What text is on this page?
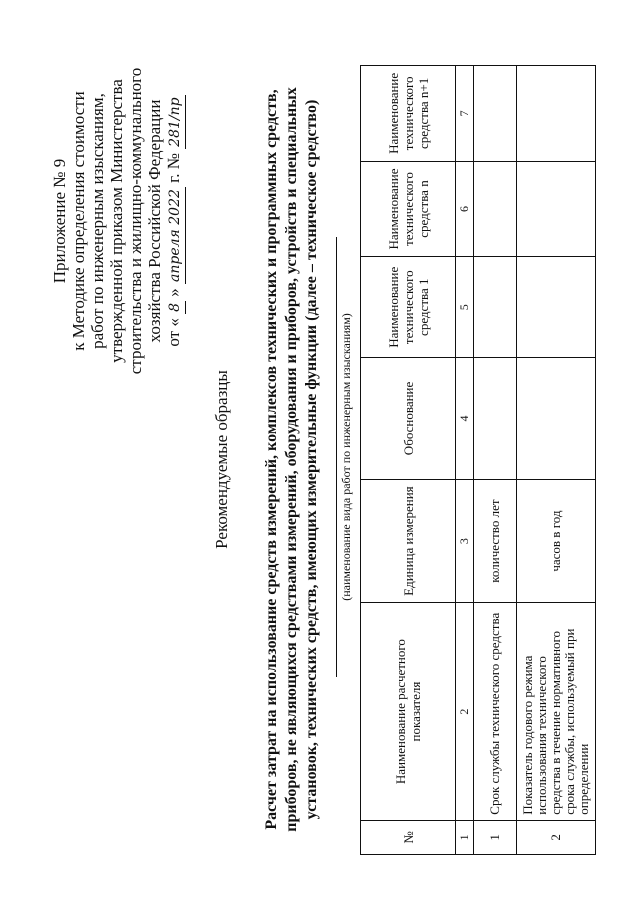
Приложение № 9 к Методике определения стоимости работ по инженерным изысканиям, утвержденной приказом Министерства строительства и жилищно-коммунального хозяйства Российской Федерации от « 8 » апреля 2022 г. № 281/пр
Рекомендуемые образцы Расчет затрат на использование средств измерений, комплексов технических и программных средств, приборов, не являющихся средствами измерений, оборудования и приборов, устройств и специальных установок, технических средств, имеющих измерительные функции (далее – техническое средство) (наименование вида работ по инженерным изысканиям)
№	Наименование расчетного показателя	Единица измерения	Обоснование	Наименование технического средства 1	Наименование технического средства n	Наименование технического средства n+1
1	2	3	4	5	6	7
1	Срок службы технического средства	количество лет				
2	Показатель годового режима использования технического средства в течение нормативного срока службы, используемый при определении	часов в год				
